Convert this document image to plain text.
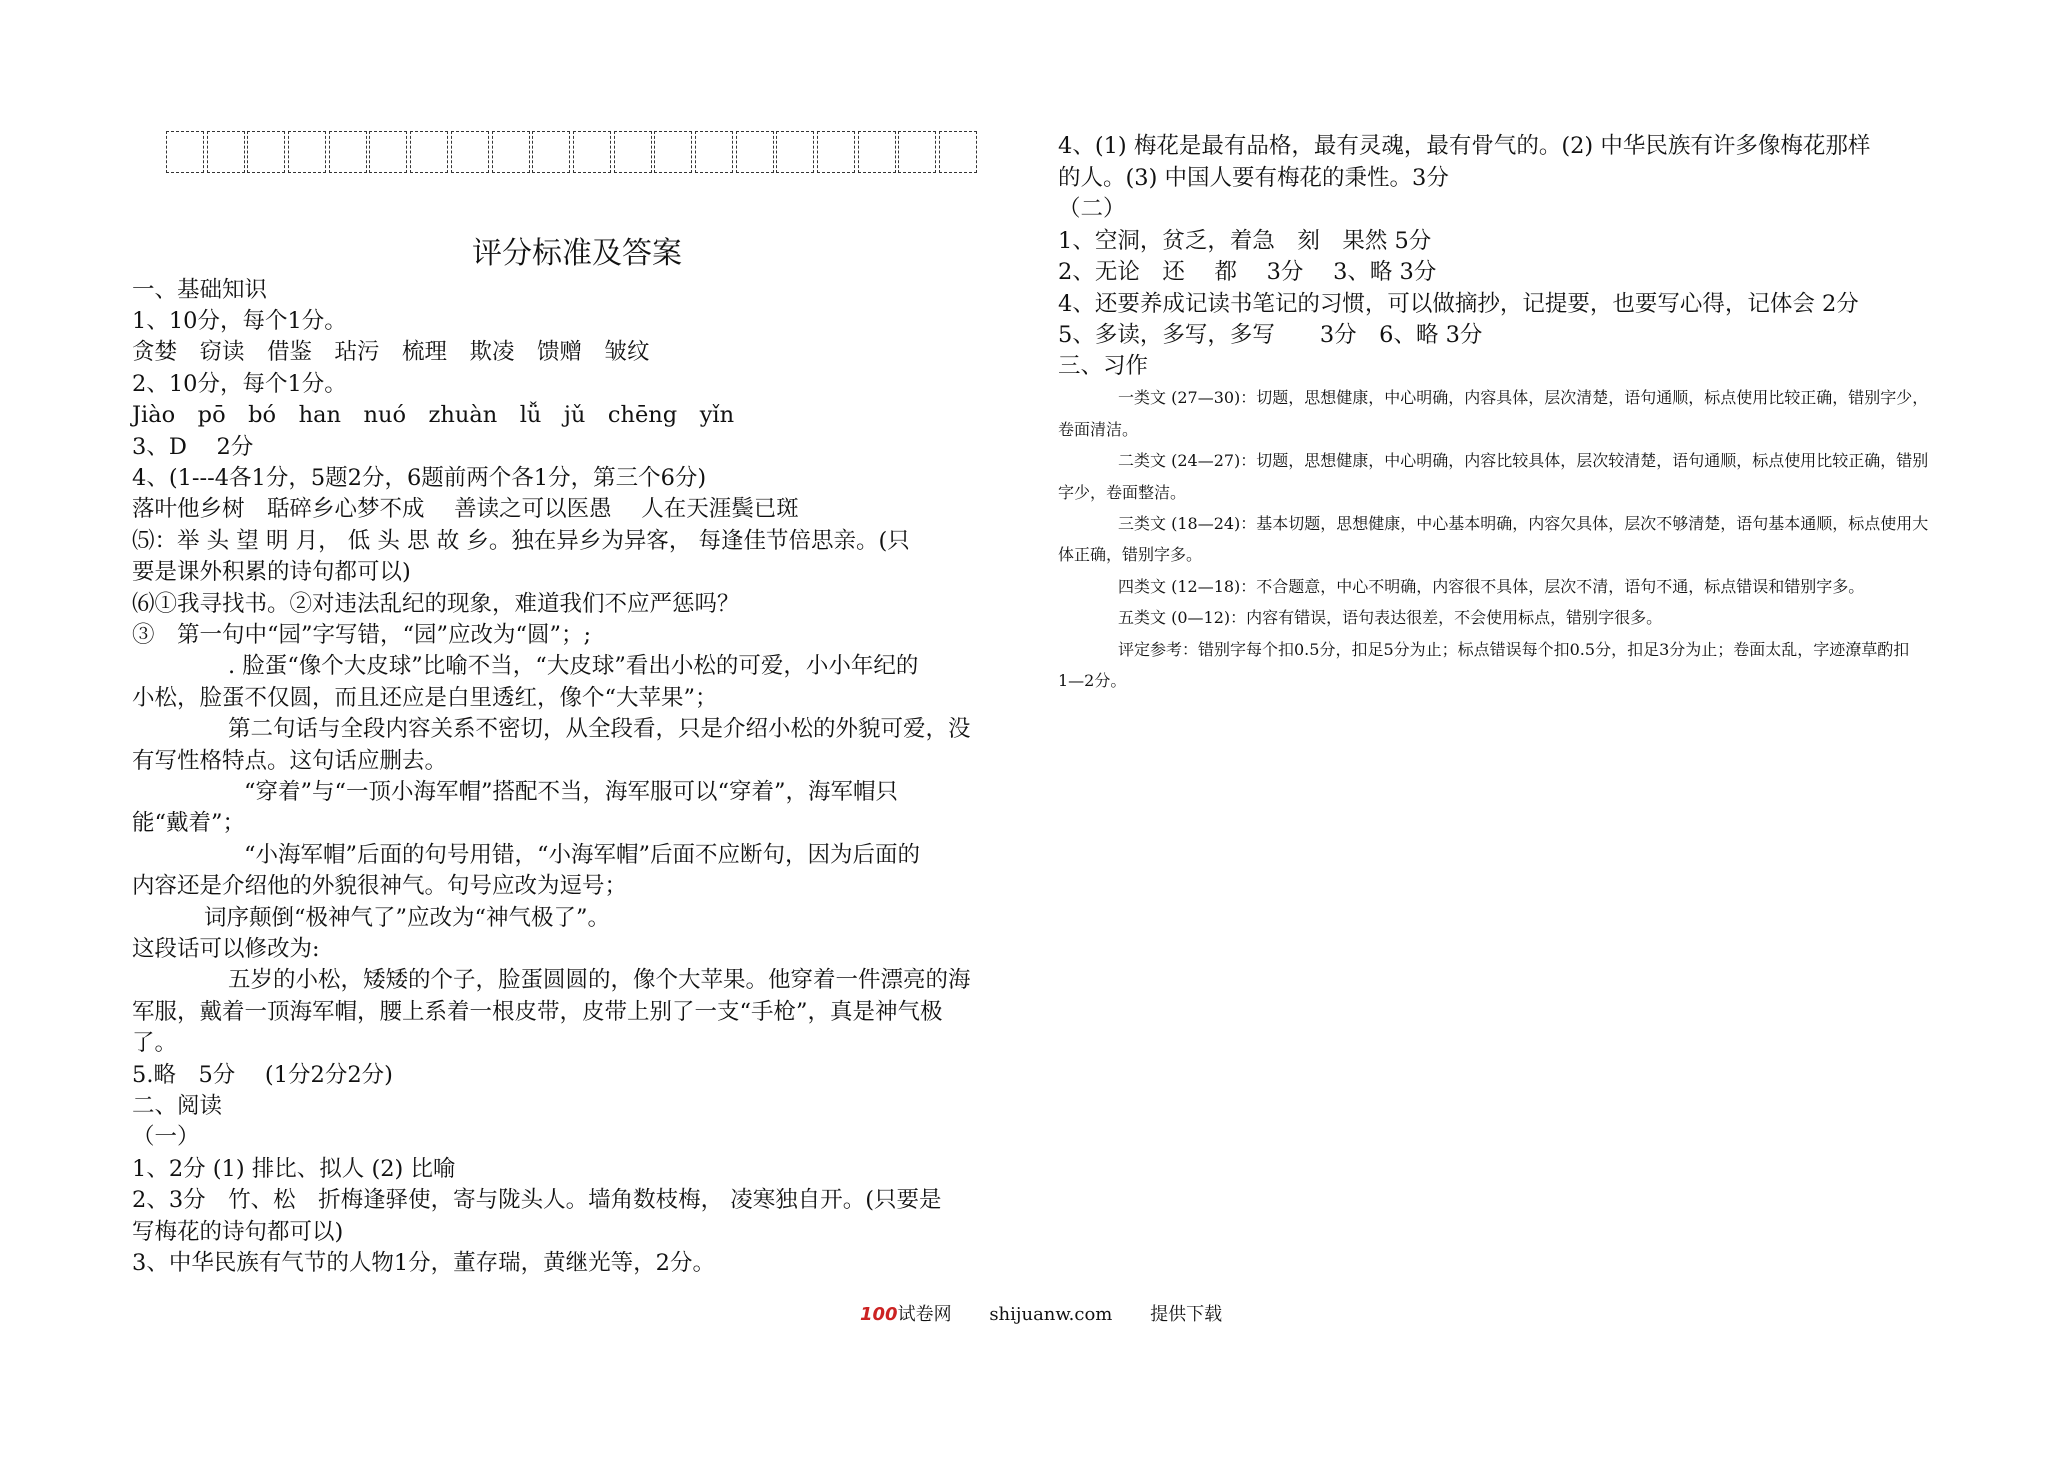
评分标准及答案
一、基础知识
1、10分，每个1分。
贪婪　窃读　借鉴　玷污　梳理　欺凌　馈赠　皱纹
2、10分，每个1分。
Jiào　pō　bó　han　nuó　zhuàn　lǚ　jǔ　chēng　yǐn
3、D　 2分
4、(1---4各1分，5题2分，6题前两个各1分，第三个6分)
落叶他乡树　聒碎乡心梦不成　 善读之可以医愚　 人在天涯鬓已斑
⑸：举 头 望 明 月， 低 头 思 故 乡。独在异乡为异客， 每逢佳节倍思亲。(只
要是课外积累的诗句都可以)
⑹①我寻找书。②对违法乱纪的现象，难道我们不应严惩吗？
③　第一句中“园”字写错，“园”应改为“圆”；;
. 脸蛋“像个大皮球”比喻不当，“大皮球”看出小松的可爱，小小年纪的
小松，脸蛋不仅圆，而且还应是白里透红，像个“大苹果”；
第二句话与全段内容关系不密切，从全段看，只是介绍小松的外貌可爱，没
有写性格特点。这句话应删去。
“穿着”与“一顶小海军帽”搭配不当，海军服可以“穿着”，海军帽只
能“戴着”；
“小海军帽”后面的句号用错，“小海军帽”后面不应断句，因为后面的
内容还是介绍他的外貌很神气。句号应改为逗号；
词序颠倒“极神气了”应改为“神气极了”。
这段话可以修改为:
五岁的小松，矮矮的个子，脸蛋圆圆的，像个大苹果。他穿着一件漂亮的海
军服，戴着一顶海军帽，腰上系着一根皮带，皮带上别了一支“手枪”，真是神气极
了。
5.略　5分　 (1分2分2分)
二、阅读
（一）
1、2分 (1) 排比、拟人 (2) 比喻
2、3分　竹、松　折梅逢驿使，寄与陇头人。墙角数枝梅， 凌寒独自开。(只要是
写梅花的诗句都可以)
3、中华民族有气节的人物1分，董存瑞，黄继光等，2分。
4、(1) 梅花是最有品格，最有灵魂，最有骨气的。(2) 中华民族有许多像梅花那样
的人。(3) 中国人要有梅花的秉性。3分
（二）
1、空洞，贫乏，着急　刻　果然 5分
2、无论　还　 都　 3分　 3、略 3分
4、还要养成记读书笔记的习惯，可以做摘抄，记提要，也要写心得，记体会 2分
5、多读，多写，多写　　3分　6、略 3分
三、习作
一类文 (27—30)：切题，思想健康，中心明确，内容具体，层次清楚，语句通顺，标点使用比较正确，错别字少，
卷面清洁。
二类文 (24—27)：切题，思想健康，中心明确，内容比较具体，层次较清楚，语句通顺，标点使用比较正确，错别
字少，卷面整洁。
三类文 (18—24)：基本切题，思想健康，中心基本明确，内容欠具体，层次不够清楚，语句基本通顺，标点使用大
体正确，错别字多。
四类文 (12—18)：不合题意，中心不明确，内容很不具体，层次不清，语句不通，标点错误和错别字多。
五类文 (0—12)：内容有错误，语句表达很差，不会使用标点，错别字很多。
评定参考：错别字每个扣0.5分，扣足5分为止；标点错误每个扣0.5分，扣足3分为止；卷面太乱，字迹潦草酌扣
1—2分。
100试卷网 shijuanw.com 提供下载
